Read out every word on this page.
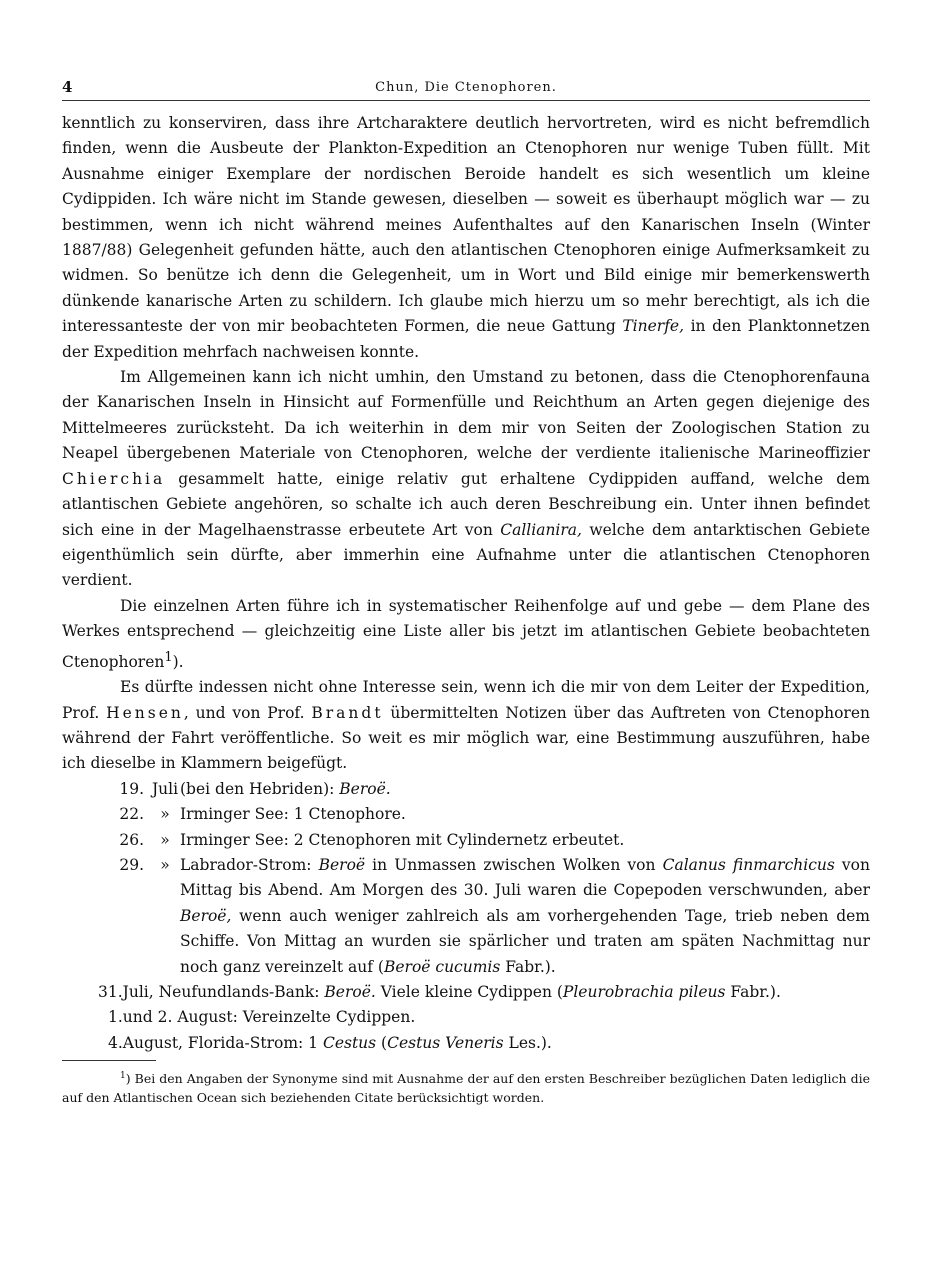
4	Chun, Die Ctenophoren.

kenntlich zu konserviren, dass ihre Artcharaktere deutlich hervortreten, wird es nicht befremdlich finden, wenn die Ausbeute der Plankton-Expedition an Ctenophoren nur wenige Tuben füllt. Mit Ausnahme einiger Exemplare der nordischen Beroide handelt es sich wesentlich um kleine Cydippiden. Ich wäre nicht im Stande gewesen, dieselben — soweit es überhaupt möglich war — zu bestimmen, wenn ich nicht während meines Aufenthaltes auf den Kanarischen Inseln (Winter 1887/88) Gelegenheit gefunden hätte, auch den atlantischen Ctenophoren einige Aufmerksamkeit zu widmen. So benütze ich denn die Gelegenheit, um in Wort und Bild einige mir bemerkenswerth dünkende kanarische Arten zu schildern. Ich glaube mich hierzu um so mehr berechtigt, als ich die interessanteste der von mir beobachteten Formen, die neue Gattung Tinerfe, in den Planktonnetzen der Expedition mehrfach nachweisen konnte.

Im Allgemeinen kann ich nicht umhin, den Umstand zu betonen, dass die Ctenophorenfauna der Kanarischen Inseln in Hinsicht auf Formenfülle und Reichthum an Arten gegen diejenige des Mittelmeeres zurücksteht. Da ich weiterhin in dem mir von Seiten der Zoologischen Station zu Neapel übergebenen Materiale von Ctenophoren, welche der verdiente italienische Marineoffizier Chierchia gesammelt hatte, einige relativ gut erhaltene Cydippiden auffand, welche dem atlantischen Gebiete angehören, so schalte ich auch deren Beschreibung ein. Unter ihnen befindet sich eine in der Magelhaenstrasse erbeutete Art von Callianira, welche dem antarktischen Gebiete eigenthümlich sein dürfte, aber immerhin eine Aufnahme unter die atlantischen Ctenophoren verdient.

Die einzelnen Arten führe ich in systematischer Reihenfolge auf und gebe — dem Plane des Werkes entsprechend — gleichzeitig eine Liste aller bis jetzt im atlantischen Gebiete beobachteten Ctenophoren$^1$).

Es dürfte indessen nicht ohne Interesse sein, wenn ich die mir von dem Leiter der Expedition, Prof. Hensen, und von Prof. Brandt übermittelten Notizen über das Auftreten von Ctenophoren während der Fahrt veröffentliche. So weit es mir möglich war, eine Bestimmung auszuführen, habe ich dieselbe in Klammern beigefügt.

19. Juli (bei den Hebriden): Beroë.
22.	» Irminger See: 1 Ctenophore.
26.	» Irminger See: 2 Ctenophoren mit Cylindernetz erbeutet.
29.	» Labrador-Strom: Beroë in Unmassen zwischen Wolken von Calanus finmarchicus von Mittag bis Abend. Am Morgen des 30. Juli waren die Copepoden verschwunden, aber Beroë, wenn auch weniger zahlreich als am vorhergehenden Tage, trieb neben dem Schiffe. Von Mittag an wurden sie spärlicher und traten am späten Nachmittag nur noch ganz vereinzelt auf (Beroë cucumis Fabr.).
31. Juli, Neufundlands-Bank: Beroë. Viele kleine Cydippen (Pleurobrachia pileus Fabr.).
1. und 2. August: Vereinzelte Cydippen.
4. August, Florida-Strom: 1 Cestus (Cestus Veneris Les.).
$^1$) Bei den Angaben der Synonyme sind mit Ausnahme der auf den ersten Beschreiber bezüglichen Daten lediglich die auf den Atlantischen Ocean sich beziehenden Citate berücksichtigt worden.
